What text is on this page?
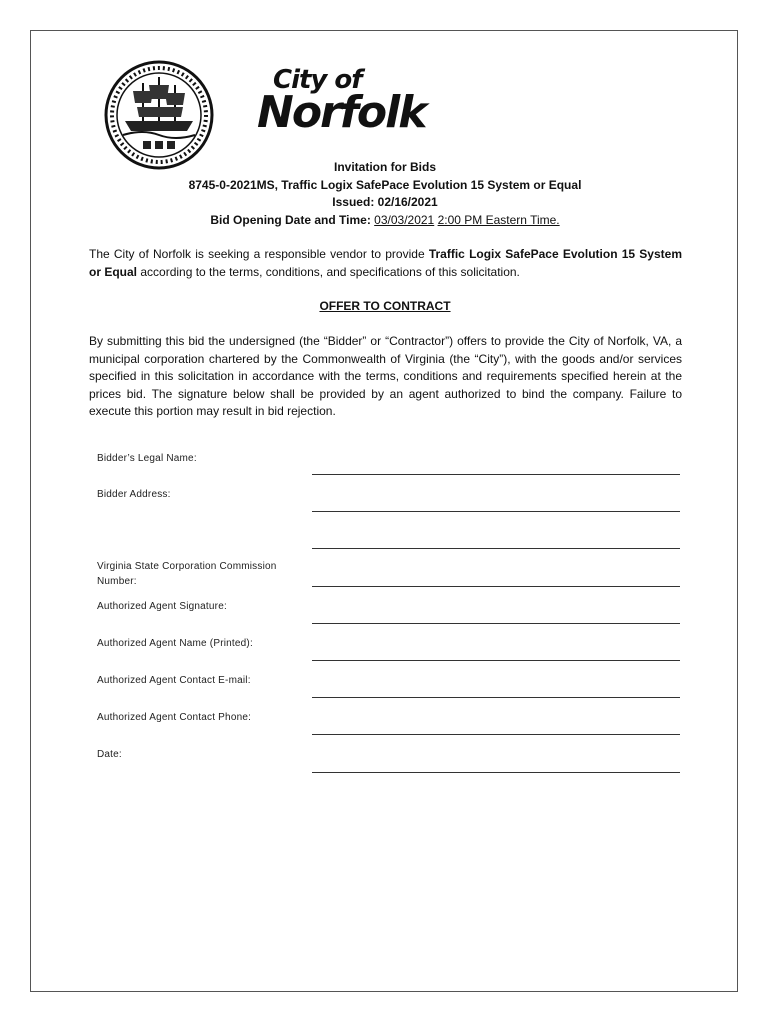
City of
Norfolk
Invitation for Bids
8745-0-2021MS, Traffic Logix SafePace Evolution 15 System or Equal
Issued: 02/16/2021
Bid Opening Date and Time: 03/03/2021 2:00 PM Eastern Time.
The City of Norfolk is seeking a responsible vendor to provide Traffic Logix SafePace Evolution 15 System or Equal according to the terms, conditions, and specifications of this solicitation.
OFFER TO CONTRACT
By submitting this bid the undersigned (the “Bidder” or “Contractor”) offers to provide the City of Norfolk, VA, a municipal corporation chartered by the Commonwealth of Virginia (the “City”), with the goods and/or services specified in this solicitation in accordance with the terms, conditions and requirements specified herein at the prices bid. The signature below shall be provided by an agent authorized to bind the company. Failure to execute this portion may result in bid rejection.
Bidder’s Legal Name:
Bidder Address:
Virginia State Corporation Commission Number:
Authorized Agent Signature:
Authorized Agent Name (Printed):
Authorized Agent Contact E-mail:
Authorized Agent Contact Phone:
Date:
